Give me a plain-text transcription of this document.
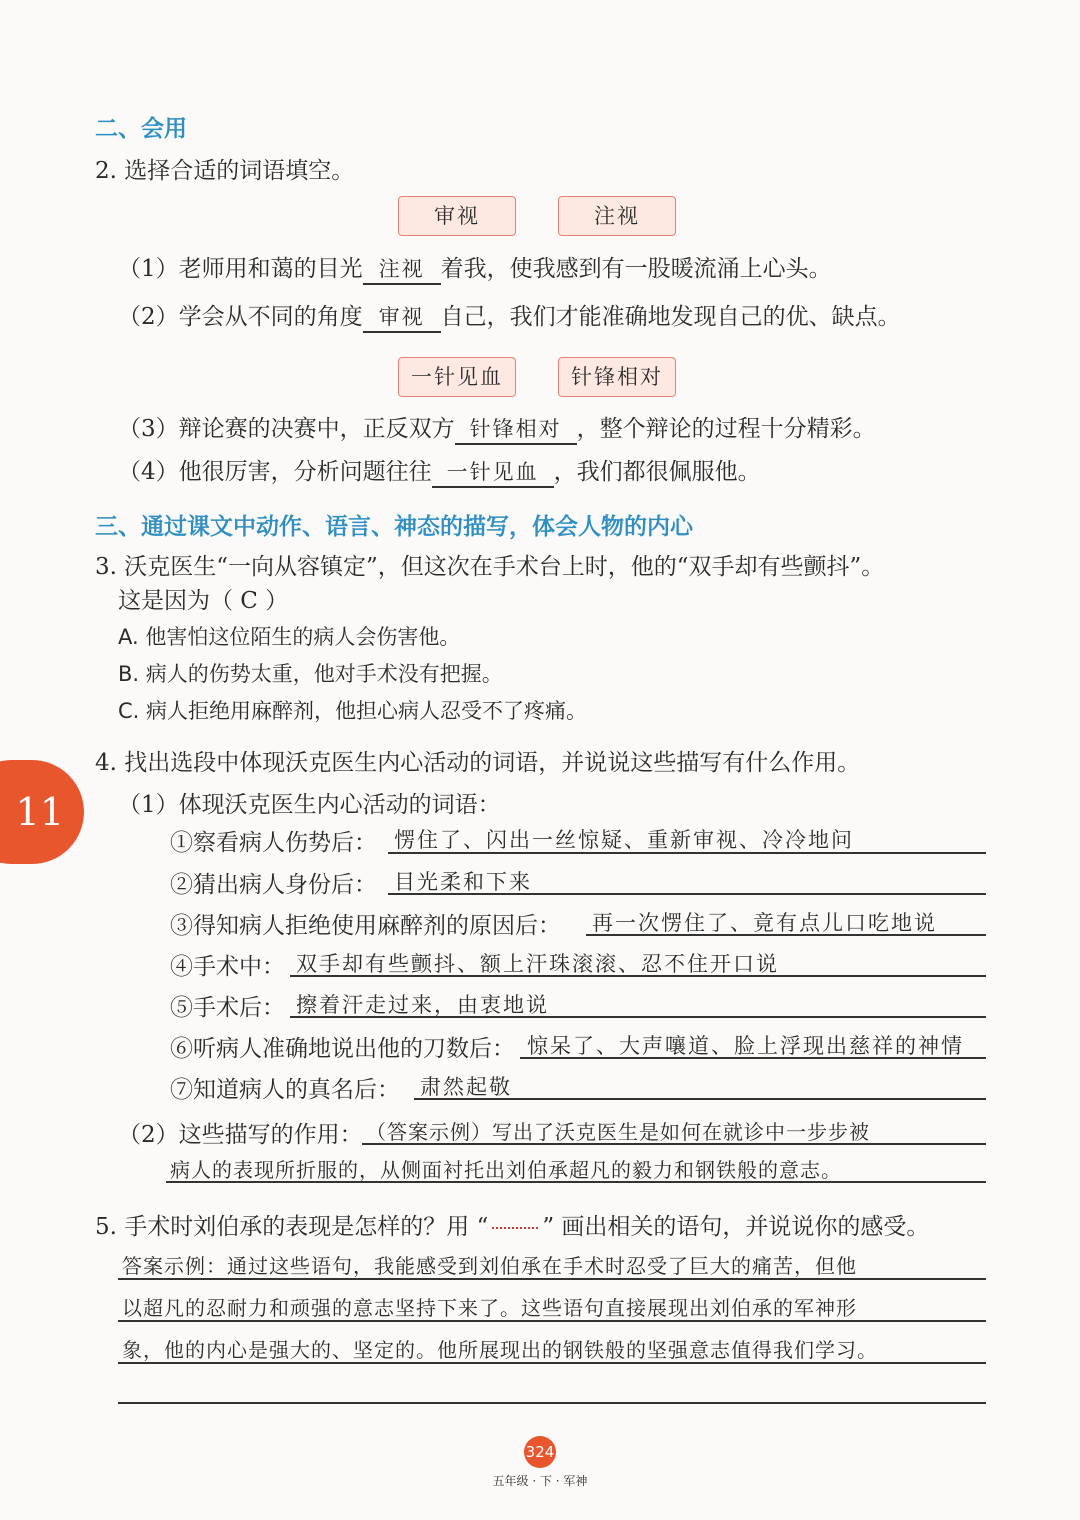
二、会用
2. 选择合适的词语填空。
审视	注视
（1）老师用和蔼的目光 注视 着我，使我感到有一股暖流涌上心头。
（2）学会从不同的角度 审视 自己，我们才能准确地发现自己的优、缺点。
一针见血	针锋相对
（3）辩论赛的决赛中，正反双方 针锋相对 ，整个辩论的过程十分精彩。
（4）他很厉害，分析问题往往 一针见血 ，我们都很佩服他。
三、通过课文中动作、语言、神态的描写，体会人物的内心
3. 沃克医生“一向从容镇定”，但这次在手术台上时，他的“双手却有些颤抖”。
这是因为（ C ）
A. 他害怕这位陌生的病人会伤害他。
B. 病人的伤势太重，他对手术没有把握。
C. 病人拒绝用麻醉剂，他担心病人忍受不了疼痛。
11
4. 找出选段中体现沃克医生内心活动的词语，并说说这些描写有什么作用。
（1）体现沃克医生内心活动的词语：
①察看病人伤势后： 愣住了、闪出一丝惊疑、重新审视、冷冷地问
②猜出病人身份后： 目光柔和下来
③得知病人拒绝使用麻醉剂的原因后： 再一次愣住了、竟有点儿口吃地说
④手术中： 双手却有些颤抖、额上汗珠滚滚、忍不住开口说
⑤手术后： 擦着汗走过来，由衷地说
⑥听病人准确地说出他的刀数后： 惊呆了、大声嚷道、脸上浮现出慈祥的神情
⑦知道病人的真名后： 肃然起敬
（2）这些描写的作用： （答案示例）写出了沃克医生是如何在就诊中一步步被
病人的表现所折服的，从侧面衬托出刘伯承超凡的毅力和钢铁般的意志。
5. 手术时刘伯承的表现是怎样的？用 “ ” 画出相关的语句，并说说你的感受。
答案示例：通过这些语句，我能感受到刘伯承在手术时忍受了巨大的痛苦，但他
以超凡的忍耐力和顽强的意志坚持下来了。这些语句直接展现出刘伯承的军神形
象，他的内心是强大的、坚定的。他所展现出的钢铁般的坚强意志值得我们学习。
324
五年级 · 下 · 军神
